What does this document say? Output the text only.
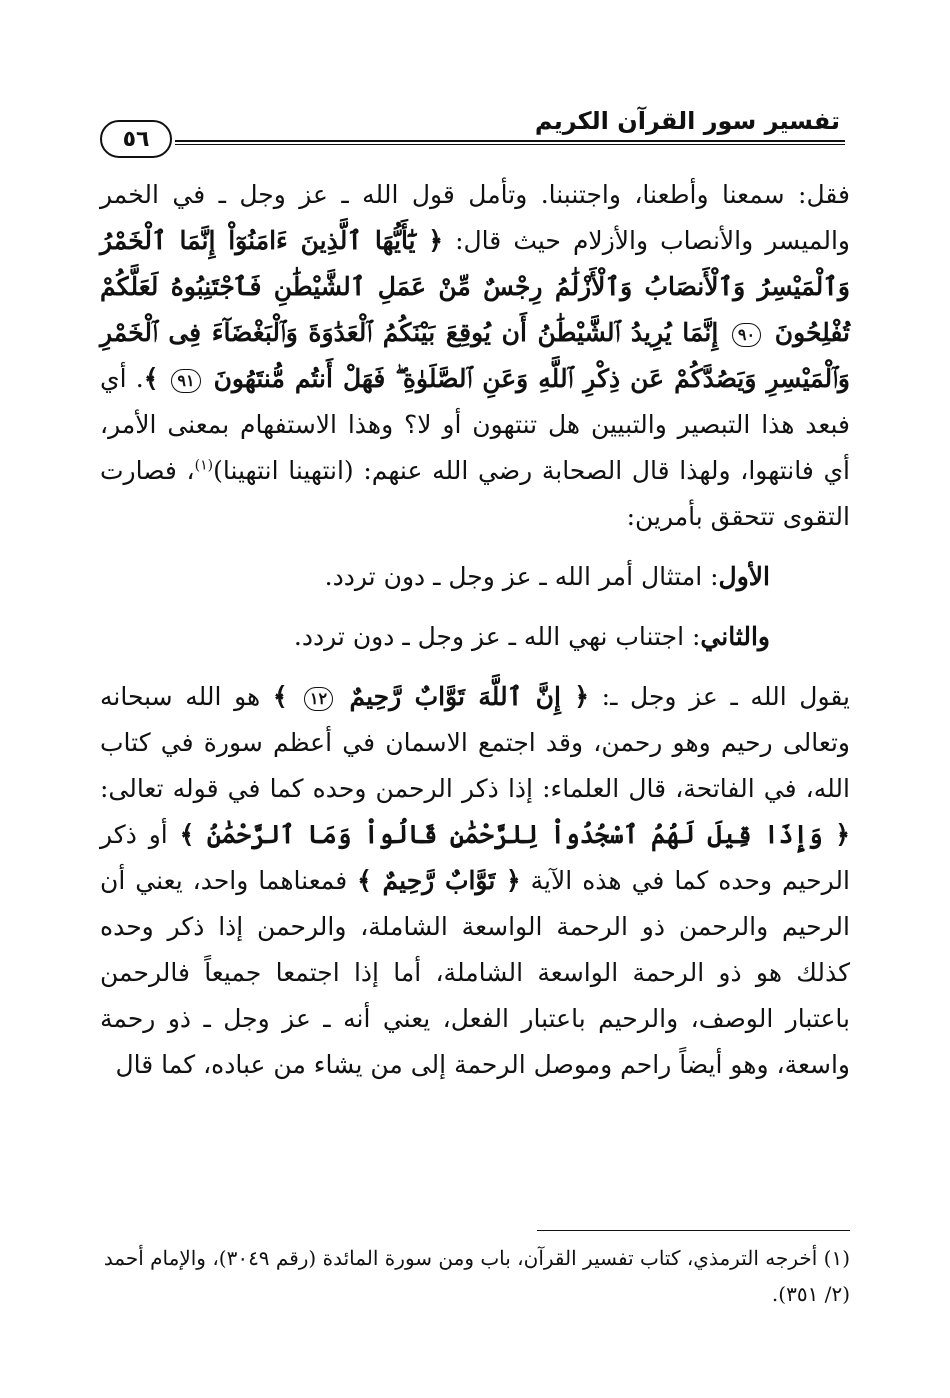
تفسير سور القرآن الكريم
٥٦

فقل: سمعنا وأطعنا، واجتنبنا. وتأمل قول الله ـ عز وجل ـ في الخمر والميسر والأنصاب والأزلام حيث قال: ﴿ يَٰٓأَيُّهَا ٱلَّذِينَ ءَامَنُوٓاْ إِنَّمَا ٱلْخَمْرُ وَٱلْمَيْسِرُ وَٱلْأَنصَابُ وَٱلْأَزْلَٰمُ رِجْسٌ مِّنْ عَمَلِ ٱلشَّيْطَٰنِ فَٱجْتَنِبُوهُ لَعَلَّكُمْ تُفْلِحُونَ ٩٠ إِنَّمَا يُرِيدُ ٱلشَّيْطَٰنُ أَن يُوقِعَ بَيْنَكُمُ ٱلْعَدَٰوَةَ وَٱلْبَغْضَآءَ فِى ٱلْخَمْرِ وَٱلْمَيْسِرِ وَيَصُدَّكُمْ عَن ذِكْرِ ٱللَّهِ وَعَنِ ٱلصَّلَوٰةِ ۖ فَهَلْ أَنتُم مُّنتَهُونَ ٩١ ﴾. أي فبعد هذا التبصير والتبيين هل تنتهون أو لا؟ وهذا الاستفهام بمعنى الأمر، أي فانتهوا، ولهذا قال الصحابة رضي الله عنهم: (انتهينا انتهينا)$^{(١)}$، فصارت التقوى تتحقق بأمرين:

الأول: امتثال أمر الله ـ عز وجل ـ دون تردد.

والثاني: اجتناب نهي الله ـ عز وجل ـ دون تردد.

يقول الله ـ عز وجل ـ: ﴿ إِنَّ ٱللَّهَ تَوَّابٌ رَّحِيمٌ ١٢ ﴾ هو الله سبحانه وتعالى رحيم وهو رحمن، وقد اجتمع الاسمان في أعظم سورة في كتاب الله، في الفاتحة، قال العلماء: إذا ذكر الرحمن وحده كما في قوله تعالى: ﴿ وَإِذَا قِيلَ لَهُمُ ٱسْجُدُواْ لِلرَّحْمَٰنِ قَالُواْ وَمَا ٱلرَّحْمَٰنُ ﴾ أو ذكر الرحيم وحده كما في هذه الآية ﴿ تَوَّابٌ رَّحِيمٌ ﴾ فمعناهما واحد، يعني أن الرحيم والرحمن ذو الرحمة الواسعة الشاملة، والرحمن إذا ذكر وحده كذلك هو ذو الرحمة الواسعة الشاملة، أما إذا اجتمعا جميعاً فالرحمن باعتبار الوصف، والرحيم باعتبار الفعل، يعني أنه ـ عز وجل ـ ذو رحمة واسعة، وهو أيضاً راحم وموصل الرحمة إلى من يشاء من عباده، كما قال

(١) أخرجه الترمذي، كتاب تفسير القرآن، باب ومن سورة المائدة (رقم ٣٠٤٩)، والإمام أحمد (٢/ ٣٥١).
